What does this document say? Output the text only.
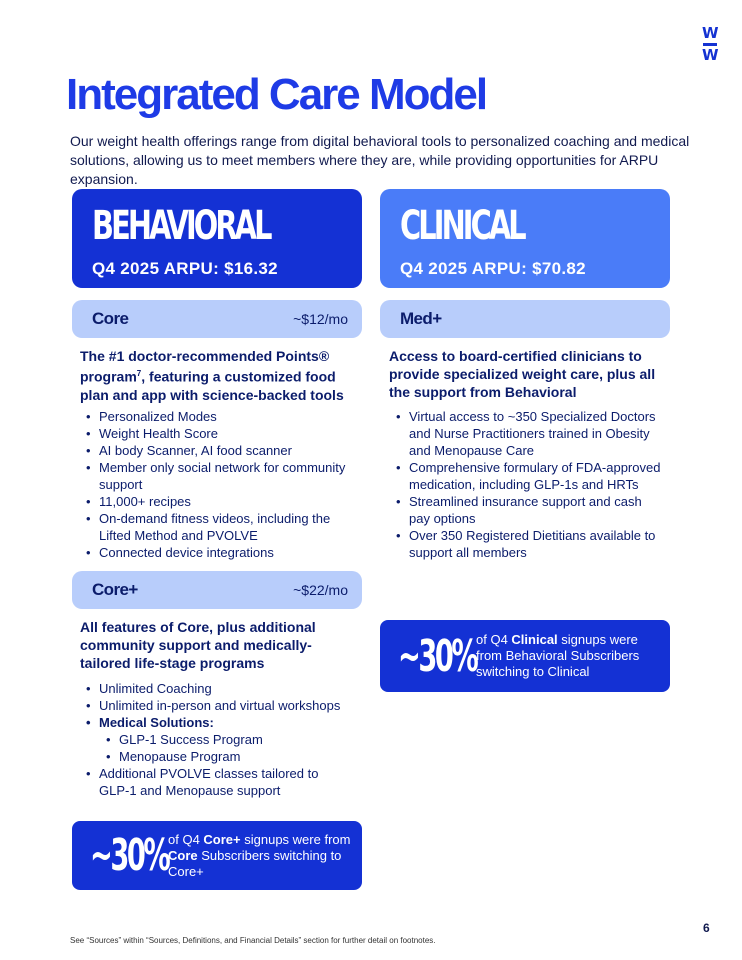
W
W
Integrated Care Model

Our weight health offerings range from digital behavioral tools to personalized coaching and medical solutions, allowing us to meet members where they are, while providing opportunities for ARPU expansion.

BEHAVIORAL
Q4 2025 ARPU: $16.32
CLINICAL
Q4 2025 ARPU: $70.82
Core	~$12/mo
The #1 doctor-recommended Points® program$^7$, featuring a customized food plan and app with science-backed tools
• Personalized Modes
• Weight Health Score
• AI body Scanner, AI food scanner
• Member only social network for community support
• 11,000+ recipes
• On-demand fitness videos, including the Lifted Method and PVOLVE
• Connected device integrations
Core+	~$22/mo
All features of Core, plus additional community support and medically-tailored life-stage programs
• Unlimited Coaching
• Unlimited in-person and virtual workshops
• Medical Solutions:
• GLP-1 Success Program
• Menopause Program
• Additional PVOLVE classes tailored to GLP-1 and Menopause support
~30% of Q4 Core+ signups were from Core Subscribers switching to Core+
Med+
Access to board-certified clinicians to provide specialized weight care, plus all the support from Behavioral
• Virtual access to ~350 Specialized Doctors and Nurse Practitioners trained in Obesity and Menopause Care
• Comprehensive formulary of FDA-approved medication, including GLP-1s and HRTs
• Streamlined insurance support and cash pay options
• Over 350 Registered Dietitians available to support all members
~30% of Q4 Clinical signups were from Behavioral Subscribers switching to Clinical
6
See “Sources” within “Sources, Definitions, and Financial Details” section for further detail on footnotes.
